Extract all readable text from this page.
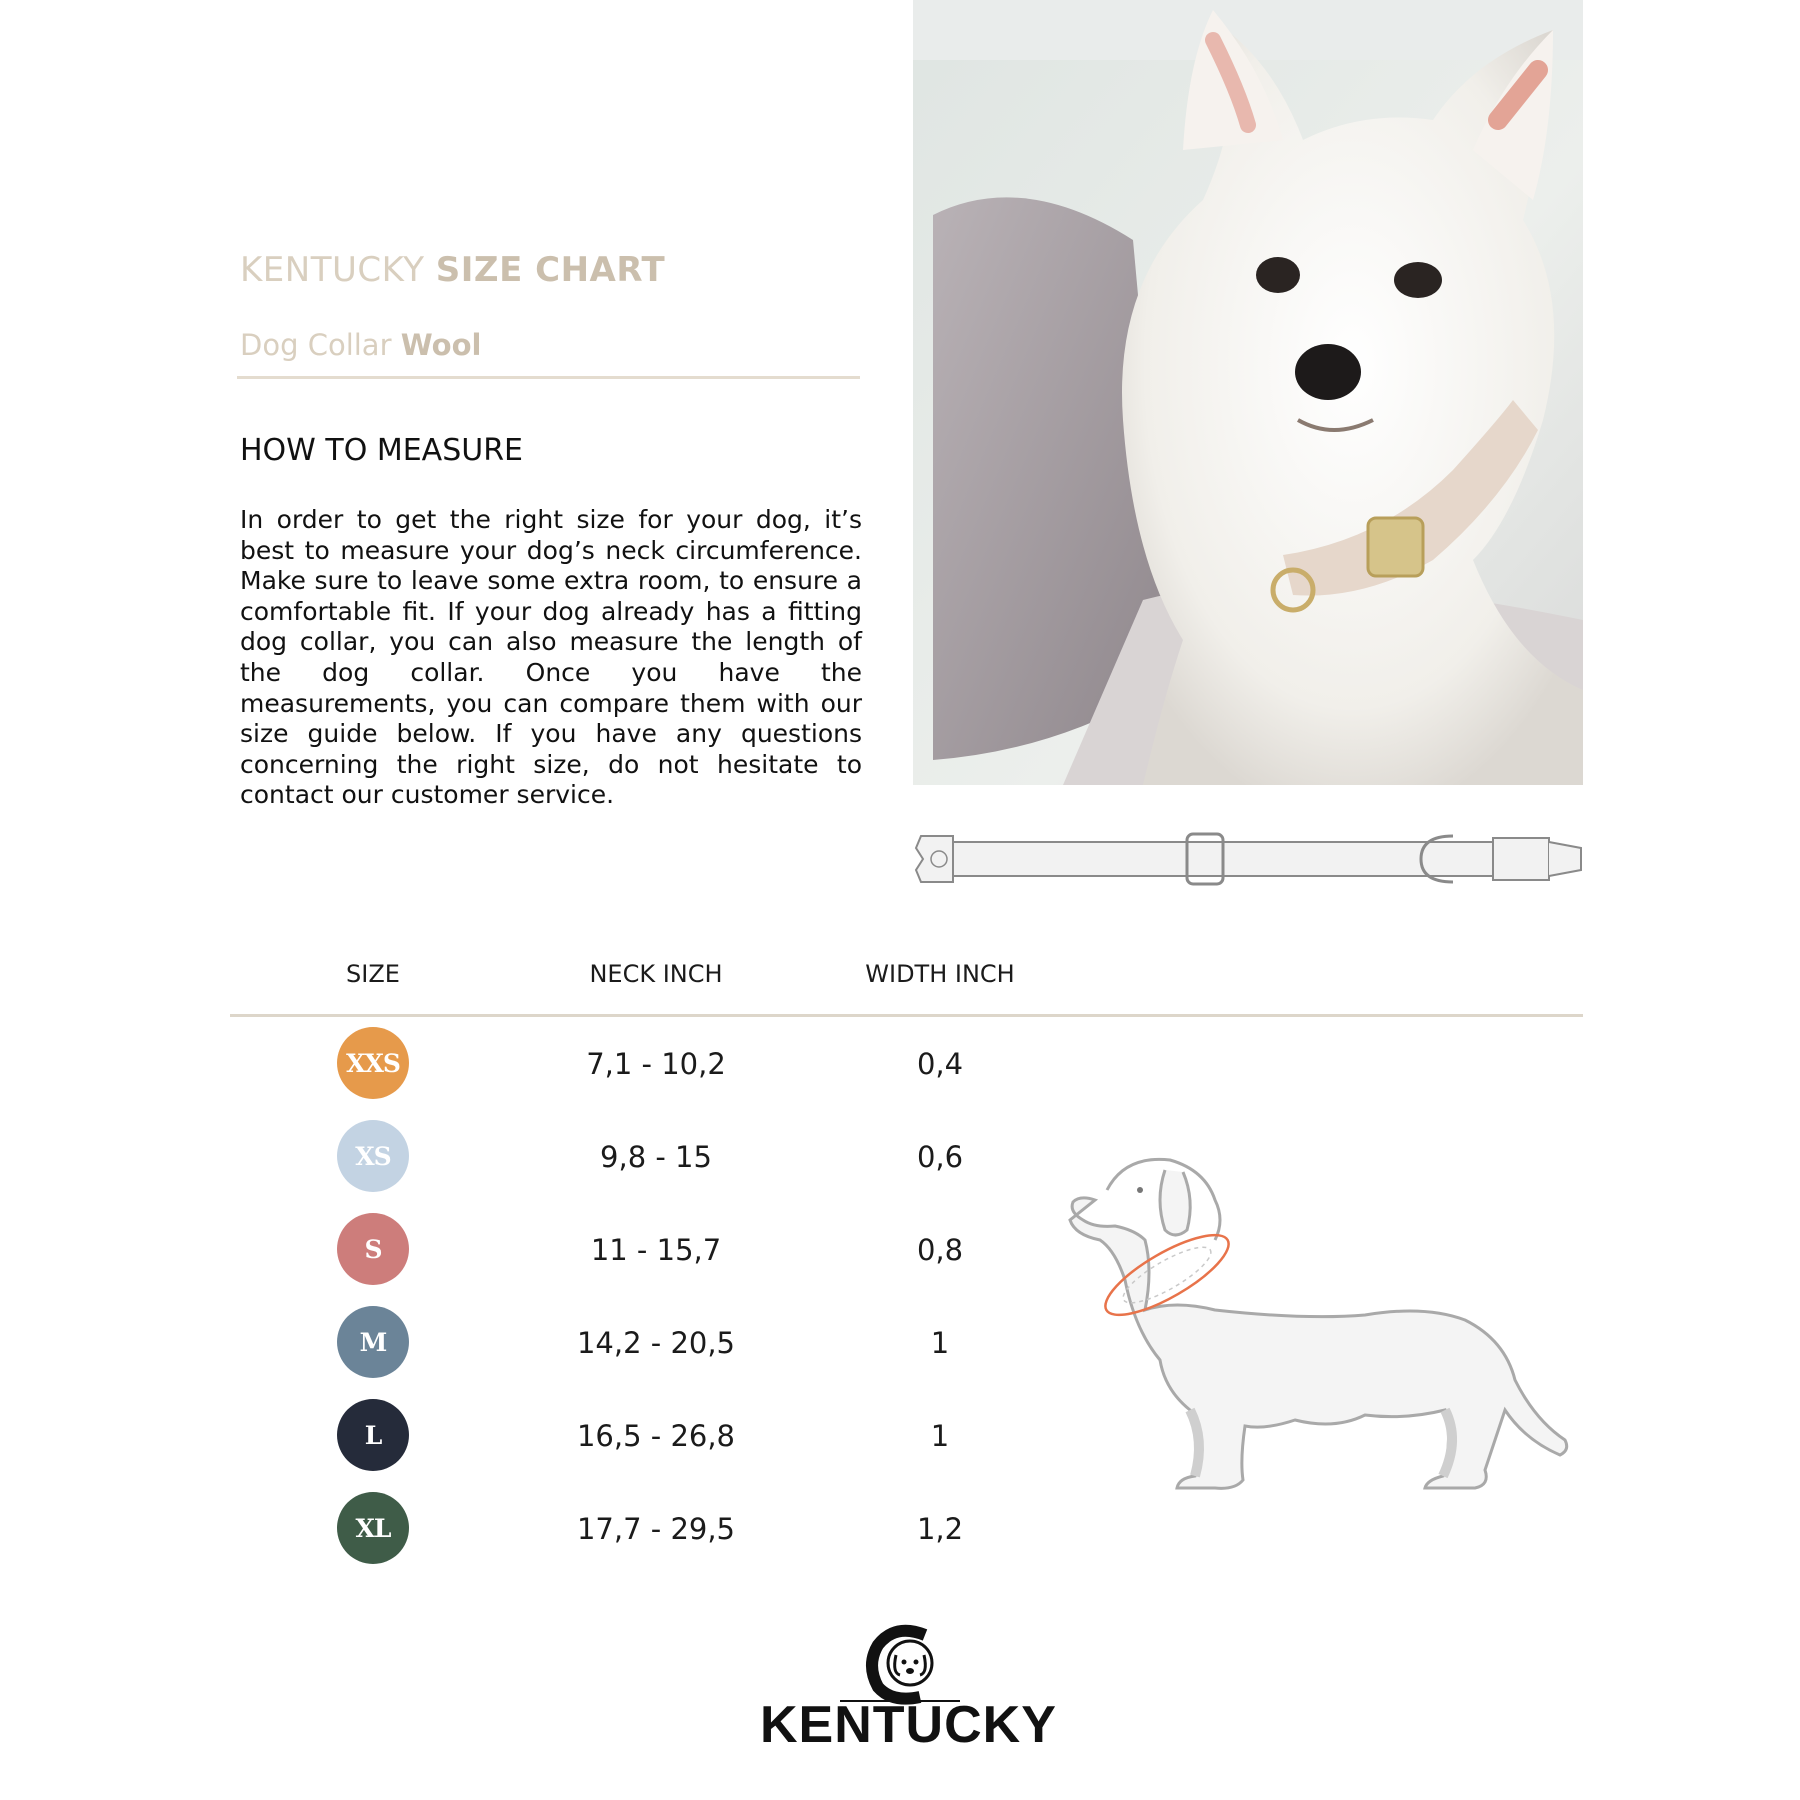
KENTUCKY SIZE CHART
Dog Collar Wool
HOW TO MEASURE
In order to get the right size for your dog, it’s best to measure your dog’s neck circumference. Make sure to leave some extra room, to ensure a comfortable fit. If your dog already has a fitting dog collar, you can also measure the length of the dog collar. Once you have the measurements, you can compare them with our size guide below. If you have any questions concerning the right size, do not hesitate to contact our customer service.
SIZE	NECK INCH	WIDTH INCH
XXS	7,1 - 10,2	0,4
XS	9,8 - 15	0,6
S	11 - 15,7	0,8
M	14,2 - 20,5	1
L	16,5 - 26,8	1
XL	17,7 - 29,5	1,2
KENTUCKY
